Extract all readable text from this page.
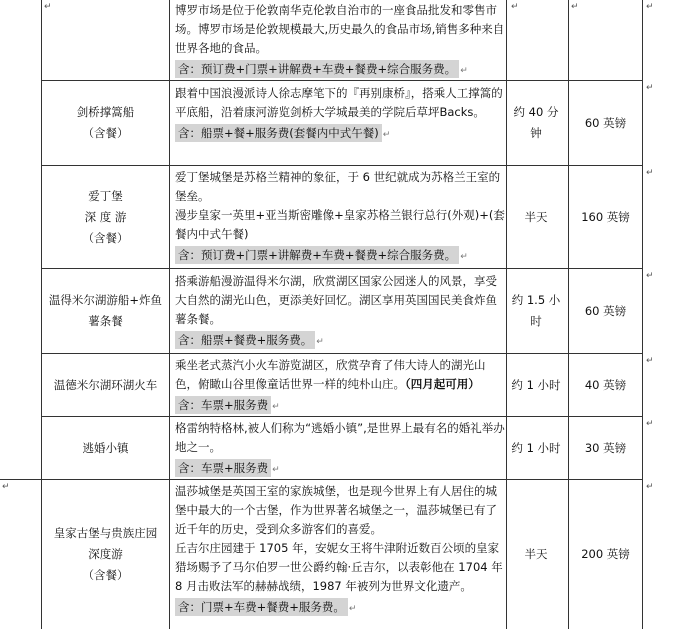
↵	↵	↵	↵

博罗市场是位于伦敦南华克伦敦自治市的一座食品批发和零售市场。博罗市场是伦敦规模最大,历史最久的食品市场,销售多种来自世界各地的食品。

含：预订费+门票+讲解费+车费+餐费+综合服务费。 ↵
↵
剑桥撑篙船
（含餐）

跟着中国浪漫派诗人徐志摩笔下的『再别康桥』，搭乘人工撑篙的平底船，沿着康河游览剑桥大学城最美的学院后草坪Backs。

含：船票+餐+服务费(套餐内中式午餐) ↵
约 40 分钟
60 英镑
↵
爱丁堡
深 度 游
（含餐）

爱丁堡城堡是苏格兰精神的象征，于 6 世纪就成为苏格兰王室的堡垒。

漫步皇家一英里+亚当斯密雕像+皇家苏格兰银行总行(外观)+(套餐内中式午餐)

含：预订费+门票+讲解费+车费+餐费+综合服务费。 ↵
半天	160 英镑
↵
温得米尔湖游船+炸鱼
薯条餐

搭乘游船漫游温得米尔湖，欣赏湖区国家公园迷人的风景，享受大自然的湖光山色，更添美好回忆。湖区享用英国国民美食炸鱼薯条餐。

含：船票+餐费+服务费。 ↵
约 1.5 小时
60 英镑
↵
温德米尔湖环湖火车

乘坐老式蒸汽小火车游览湖区，欣赏孕育了伟大诗人的湖光山色，俯瞰山谷里像童话世界一样的纯朴山庄。（四月起可用）

含：车票+服务费 ↵
约 1 小时 40 英镑
↵
逃婚小镇

格雷纳特格林,被人们称为“逃婚小镇”,是世界上最有名的婚礼举办地之一。

含：车票+服务费 ↵
约 1 小时 30 英镑
↵	↵
皇家古堡与贵族庄园
深度游
（含餐）

温莎城堡是英国王室的家族城堡，也是现今世界上有人居住的城堡中最大的一个古堡，作为世界著名城堡之一，温莎城堡已有了近千年的历史，受到众多游客们的喜爱。

丘吉尔庄园建于 1705 年，安妮女王将牛津附近数百公顷的皇家猎场赐予了马尔伯罗一世公爵约翰·丘吉尔，以表彰他在 1704 年 8 月击败法军的赫赫战绩，1987 年被列为世界文化遗产。

含：门票+车费+餐费+服务费。 ↵
半天	200 英镑
